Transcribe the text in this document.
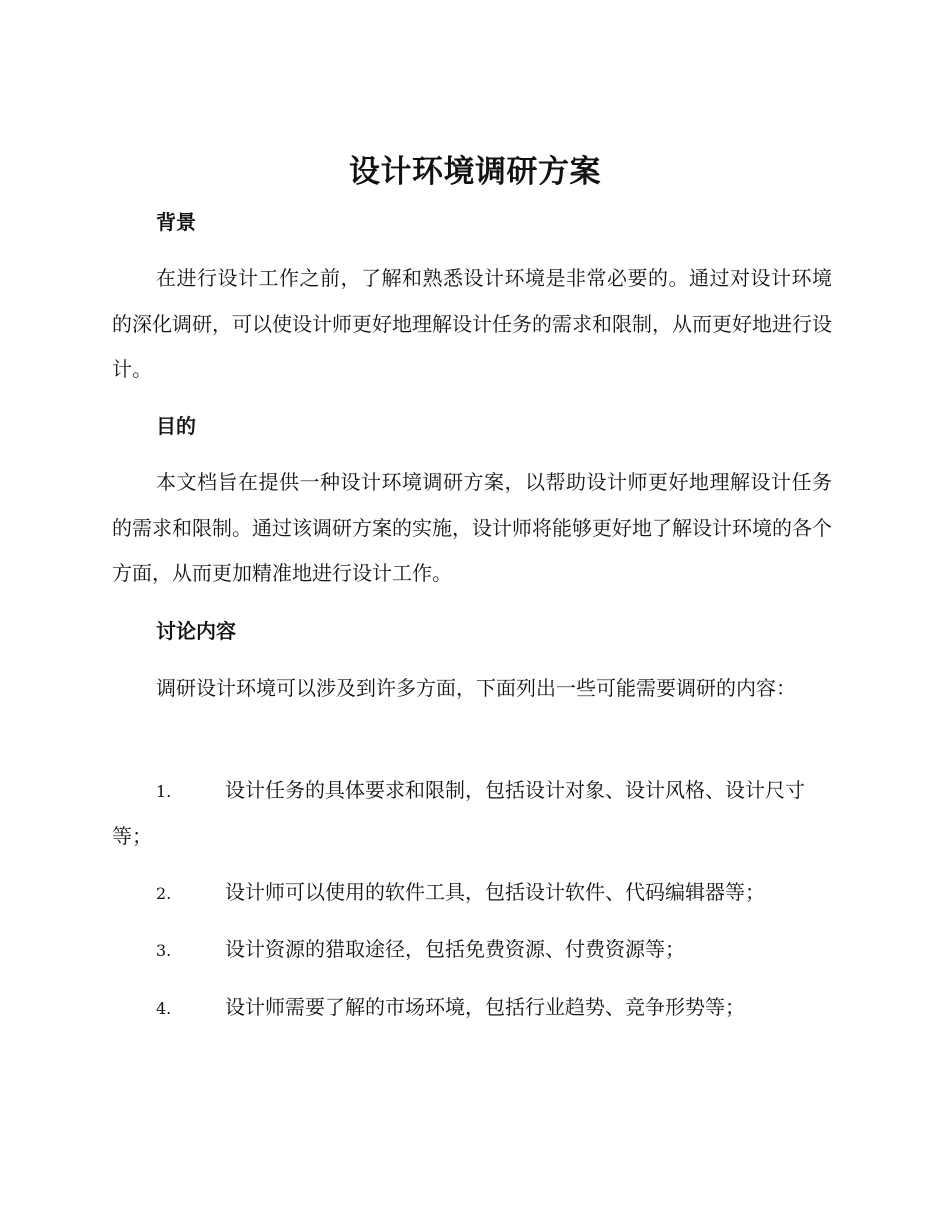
设计环境调研方案
背景
在进行设计工作之前，了解和熟悉设计环境是非常必要的。通过对设计环境的深化调研，可以使设计师更好地理解设计任务的需求和限制，从而更好地进行设计。
目的
本文档旨在提供一种设计环境调研方案，以帮助设计师更好地理解设计任务的需求和限制。通过该调研方案的实施，设计师将能够更好地了解设计环境的各个方面，从而更加精准地进行设计工作。
讨论内容
调研设计环境可以涉及到许多方面，下面列出一些可能需要调研的内容：
1.	设计任务的具体要求和限制，包括设计对象、设计风格、设计尺寸等；
2.	设计师可以使用的软件工具，包括设计软件、代码编辑器等；
3.	设计资源的猎取途径，包括免费资源、付费资源等；
4.	设计师需要了解的市场环境，包括行业趋势、竞争形势等；
